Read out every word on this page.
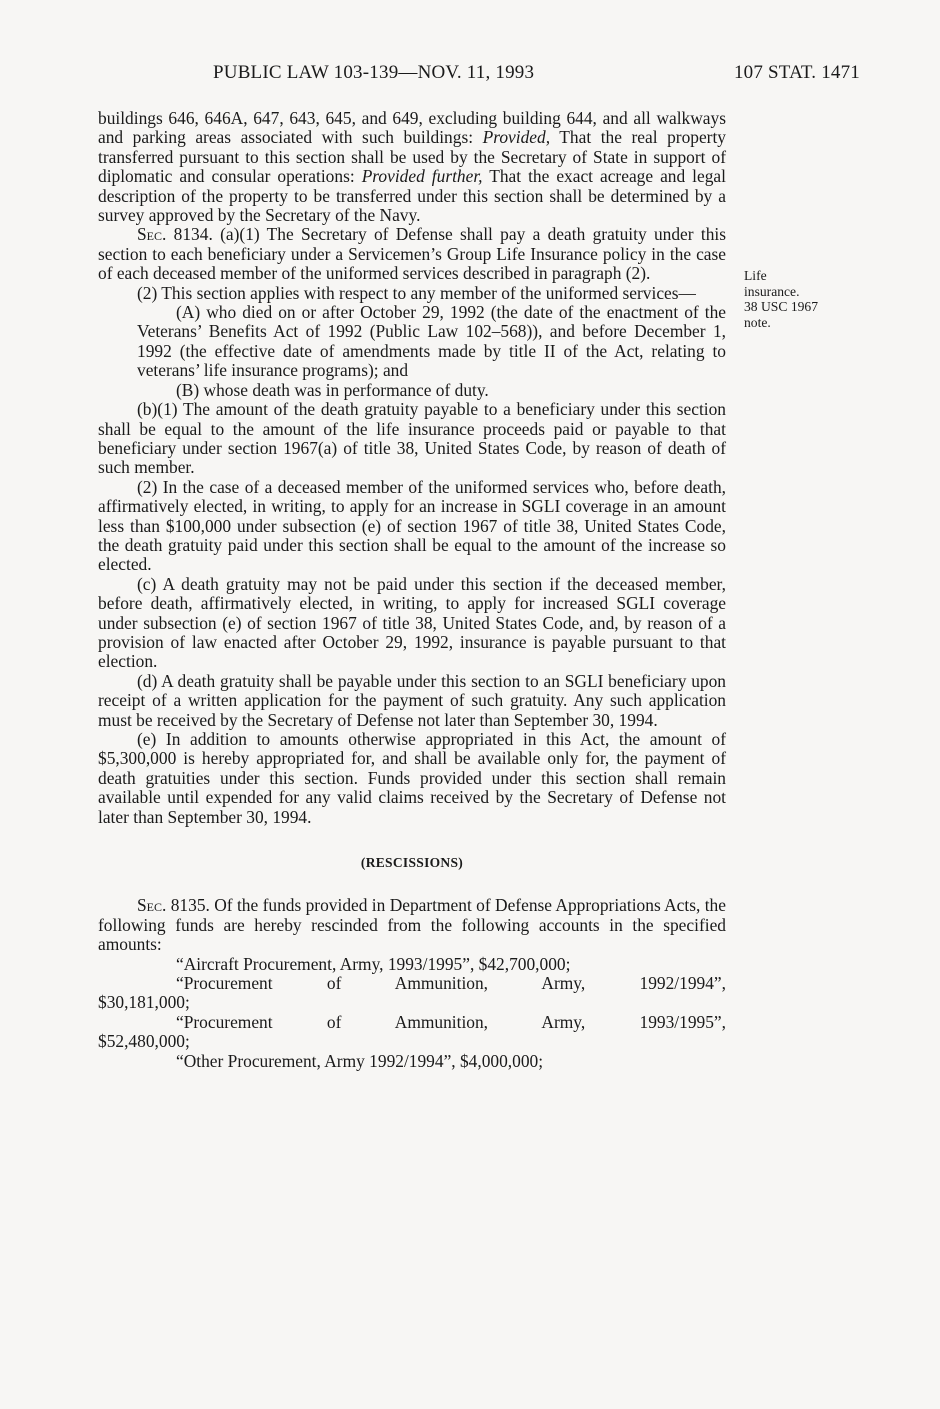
PUBLIC LAW 103-139—NOV. 11, 1993	107 STAT. 1471
Life
insurance.
38 USC 1967
note.

buildings 646, 646A, 647, 643, 645, and 649, excluding building 644, and all walkways and parking areas associated with such buildings: Provided, That the real property transferred pursuant to this section shall be used by the Secretary of State in support of diplomatic and consular operations: Provided further, That the exact acreage and legal description of the property to be transferred under this section shall be determined by a survey approved by the Secretary of the Navy.

Sec. 8134. (a)(1) The Secretary of Defense shall pay a death gratuity under this section to each beneficiary under a Servicemen’s Group Life Insurance policy in the case of each deceased member of the uniformed services described in paragraph (2).

(2) This section applies with respect to any member of the uniformed services—

(A) who died on or after October 29, 1992 (the date of the enactment of the Veterans’ Benefits Act of 1992 (Public Law 102–568)), and before December 1, 1992 (the effective date of amendments made by title II of the Act, relating to veterans’ life insurance programs); and

(B) whose death was in performance of duty.

(b)(1) The amount of the death gratuity payable to a beneficiary under this section shall be equal to the amount of the life insurance proceeds paid or payable to that beneficiary under section 1967(a) of title 38, United States Code, by reason of death of such member.

(2) In the case of a deceased member of the uniformed services who, before death, affirmatively elected, in writing, to apply for an increase in SGLI coverage in an amount less than $100,000 under subsection (e) of section 1967 of title 38, United States Code, the death gratuity paid under this section shall be equal to the amount of the increase so elected.

(c) A death gratuity may not be paid under this section if the deceased member, before death, affirmatively elected, in writing, to apply for increased SGLI coverage under subsection (e) of section 1967 of title 38, United States Code, and, by reason of a provision of law enacted after October 29, 1992, insurance is payable pursuant to that election.

(d) A death gratuity shall be payable under this section to an SGLI beneficiary upon receipt of a written application for the payment of such gratuity. Any such application must be received by the Secretary of Defense not later than September 30, 1994.

(e) In addition to amounts otherwise appropriated in this Act, the amount of $5,300,000 is hereby appropriated for, and shall be available only for, the payment of death gratuities under this section. Funds provided under this section shall remain available until expended for any valid claims received by the Secretary of Defense not later than September 30, 1994.

(RESCISSIONS)

Sec. 8135. Of the funds provided in Department of Defense Appropriations Acts, the following funds are hereby rescinded from the following accounts in the specified amounts:

“Aircraft Procurement, Army, 1993/1995”, $42,700,000;

“Procurement of Ammunition, Army, 1992/1994”,

$30,181,000;

“Procurement of Ammunition, Army, 1993/1995”,

$52,480,000;

“Other Procurement, Army 1992/1994”, $4,000,000;
